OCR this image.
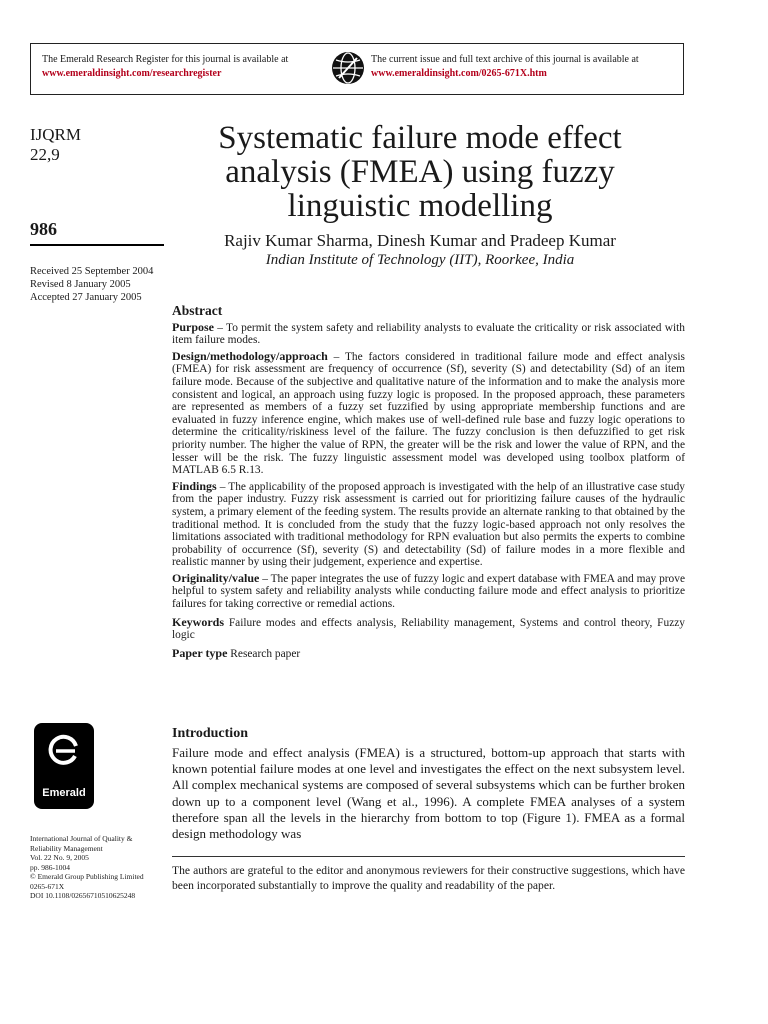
The Emerald Research Register for this journal is available at
www.emeraldinsight.com/researchregister
The current issue and full text archive of this journal is available at
www.emeraldinsight.com/0265-671X.htm
IJQRM
22,9
986
Received 25 September 2004
Revised 8 January 2005
Accepted 27 January 2005
Systematic failure mode effect analysis (FMEA) using fuzzy linguistic modelling
Rajiv Kumar Sharma, Dinesh Kumar and Pradeep Kumar
Indian Institute of Technology (IIT), Roorkee, India
Abstract

Purpose – To permit the system safety and reliability analysts to evaluate the criticality or risk associated with item failure modes.

Design/methodology/approach – The factors considered in traditional failure mode and effect analysis (FMEA) for risk assessment are frequency of occurrence (Sf), severity (S) and detectability (Sd) of an item failure mode. Because of the subjective and qualitative nature of the information and to make the analysis more consistent and logical, an approach using fuzzy logic is proposed. In the proposed approach, these parameters are represented as members of a fuzzy set fuzzified by using appropriate membership functions and are evaluated in fuzzy inference engine, which makes use of well-defined rule base and fuzzy logic operations to determine the criticality/riskiness level of the failure. The fuzzy conclusion is then defuzzified to get risk priority number. The higher the value of RPN, the greater will be the risk and lower the value of RPN, and the lesser will be the risk. The fuzzy linguistic assessment model was developed using toolbox platform of MATLAB 6.5 R.13.

Findings – The applicability of the proposed approach is investigated with the help of an illustrative case study from the paper industry. Fuzzy risk assessment is carried out for prioritizing failure causes of the hydraulic system, a primary element of the feeding system. The results provide an alternate ranking to that obtained by the traditional method. It is concluded from the study that the fuzzy logic-based approach not only resolves the limitations associated with traditional methodology for RPN evaluation but also permits the experts to combine probability of occurrence (Sf), severity (S) and detectability (Sd) of failure modes in a more flexible and realistic manner by using their judgement, experience and expertise.

Originality/value – The paper integrates the use of fuzzy logic and expert database with FMEA and may prove helpful to system safety and reliability analysts while conducting failure mode and effect analysis to prioritize failures for taking corrective or remedial actions.

Keywords Failure modes and effects analysis, Reliability management, Systems and control theory, Fuzzy logic

Paper type Research paper

Emerald
Introduction

Failure mode and effect analysis (FMEA) is a structured, bottom-up approach that starts with known potential failure modes at one level and investigates the effect on the next subsystem level. All complex mechanical systems are composed of several subsystems which can be further broken down up to a component level (Wang et al., 1996). A complete FMEA analyses of a system therefore span all the levels in the hierarchy from bottom to top (Figure 1). FMEA as a formal design methodology was

The authors are grateful to the editor and anonymous reviewers for their constructive suggestions, which have been incorporated substantially to improve the quality and readability of the paper.
International Journal of Quality &
Reliability Management
Vol. 22 No. 9, 2005
pp. 986-1004
© Emerald Group Publishing Limited
0265-671X
DOI 10.1108/02656710510625248
